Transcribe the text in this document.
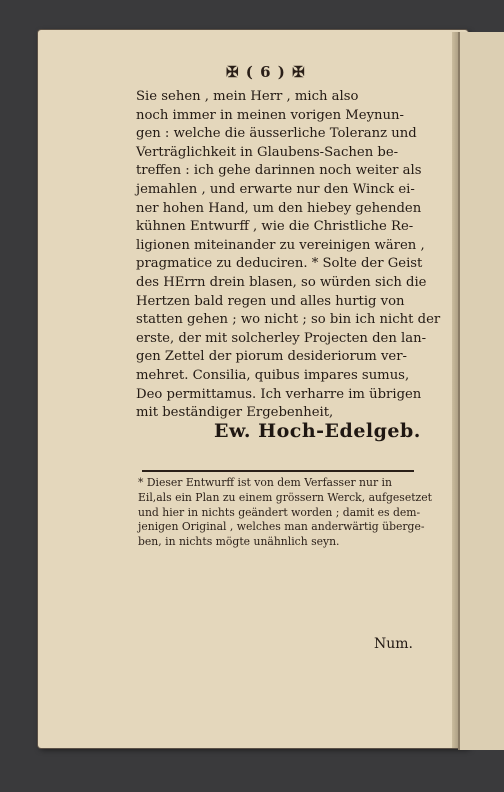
✠ ( 6 ) ✠

Sie sehen , mein Herr , mich also

noch immer in meinen vorigen Meynun-

gen : welche die äusserliche Toleranz und

Verträglichkeit in Glaubens-Sachen be-

treffen : ich gehe darinnen noch weiter als

jemahlen , und erwarte nur den Winck ei-

ner hohen Hand, um den hiebey gehenden

kühnen Entwurff , wie die Christliche Re-

ligionen miteinander zu vereinigen wären ,

pragmatice zu deduciren. * Solte der Geist

des HErrn drein blasen, so würden sich die

Hertzen bald regen und alles hurtig von

statten gehen ; wo nicht ; so bin ich nicht der

erste, der mit solcherley Projecten den lan-

gen Zettel der piorum desideriorum ver-

mehret. Consilia, quibus impares sumus,

Deo permittamus. Ich verharre im übrigen

mit beständiger Ergebenheit,

Ew. Hoch-Edelgeb.

* Dieser Entwurff ist von dem Verfasser nur in

Eil,als ein Plan zu einem grössern Werck, aufgesetzet

und hier in nichts geändert worden ; damit es dem-

jenigen Original , welches man anderwärtig überge-

ben, in nichts mögte unähnlich seyn.

Num.
